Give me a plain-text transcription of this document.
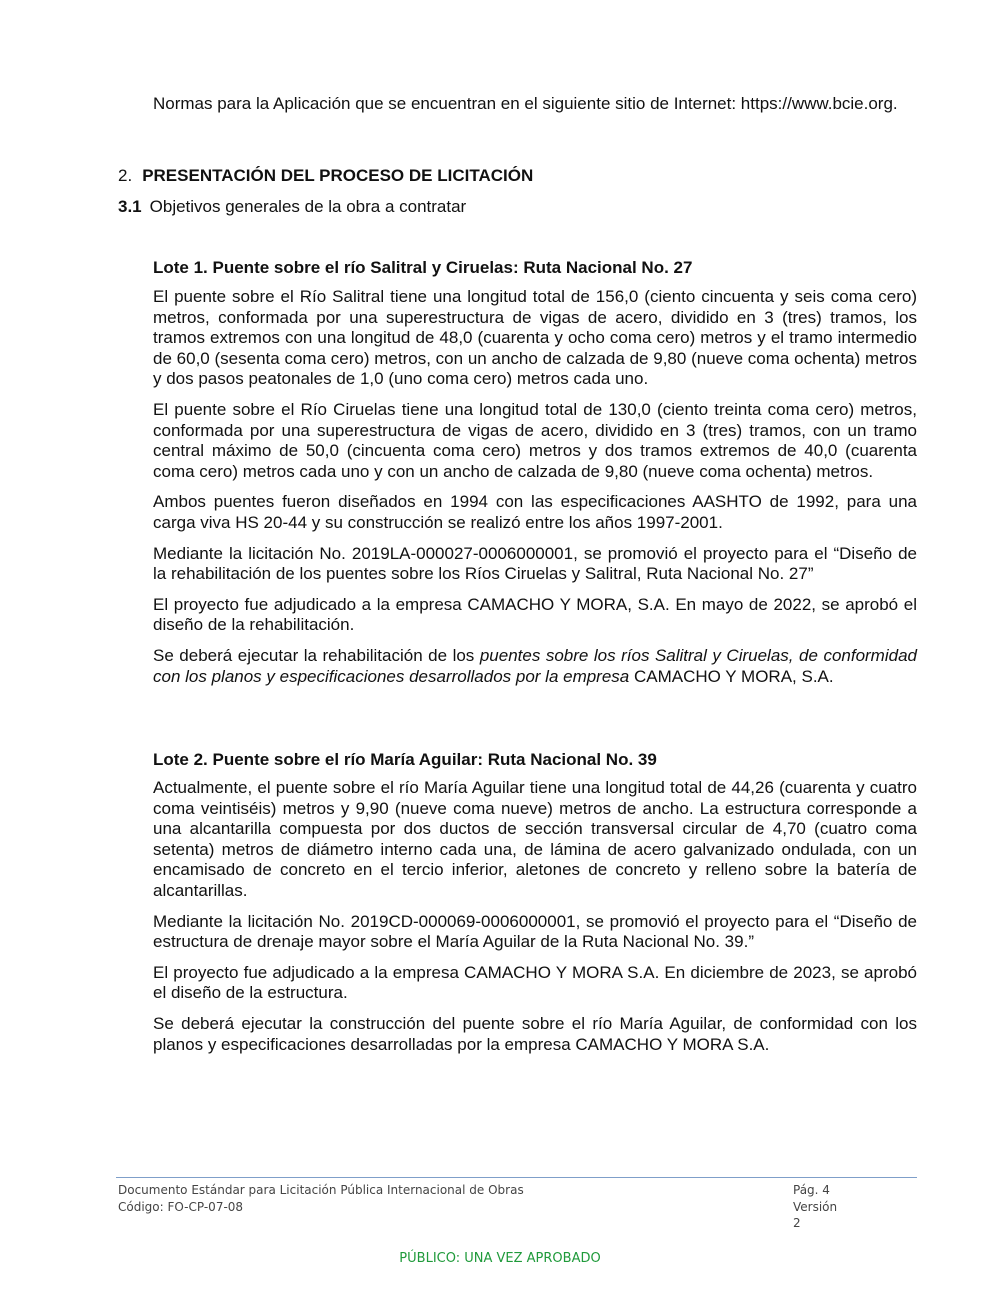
Normas para la Aplicación que se encuentran en el siguiente sitio de Internet: https://www.bcie.org.

2. PRESENTACIÓN DEL PROCESO DE LICITACIÓN
3.1 Objetivos generales de la obra a contratar

Lote 1. Puente sobre el río Salitral y Ciruelas: Ruta Nacional No. 27

El puente sobre el Río Salitral tiene una longitud total de 156,0 (ciento cincuenta y seis coma cero) metros, conformada por una superestructura de vigas de acero, dividido en 3 (tres) tramos, los tramos extremos con una longitud de 48,0 (cuarenta y ocho coma cero) metros y el tramo intermedio de 60,0 (sesenta coma cero) metros, con un ancho de calzada de 9,80 (nueve coma ochenta) metros y dos pasos peatonales de 1,0 (uno coma cero) metros cada uno.

El puente sobre el Río Ciruelas tiene una longitud total de 130,0 (ciento treinta coma cero) metros, conformada por una superestructura de vigas de acero, dividido en 3 (tres) tramos, con un tramo central máximo de 50,0 (cincuenta coma cero) metros y dos tramos extremos de 40,0 (cuarenta coma cero) metros cada uno y con un ancho de calzada de 9,80 (nueve coma ochenta) metros.

Ambos puentes fueron diseñados en 1994 con las especificaciones AASHTO de 1992, para una carga viva HS 20-44 y su construcción se realizó entre los años 1997-2001.

Mediante la licitación No. 2019LA-000027-0006000001, se promovió el proyecto para el “Diseño de la rehabilitación de los puentes sobre los Ríos Ciruelas y Salitral, Ruta Nacional No. 27”

El proyecto fue adjudicado a la empresa CAMACHO Y MORA, S.A. En mayo de 2022, se aprobó el diseño de la rehabilitación.

Se deberá ejecutar la rehabilitación de los puentes sobre los ríos Salitral y Ciruelas, de conformidad con los planos y especificaciones desarrollados por la empresa CAMACHO Y MORA, S.A.

Lote 2. Puente sobre el río María Aguilar: Ruta Nacional No. 39

Actualmente, el puente sobre el río María Aguilar tiene una longitud total de 44,26 (cuarenta y cuatro coma veintiséis) metros y 9,90 (nueve coma nueve) metros de ancho. La estructura corresponde a una alcantarilla compuesta por dos ductos de sección transversal circular de 4,70 (cuatro coma setenta) metros de diámetro interno cada una, de lámina de acero galvanizado ondulada, con un encamisado de concreto en el tercio inferior, aletones de concreto y relleno sobre la batería de alcantarillas.

Mediante la licitación No. 2019CD-000069-0006000001, se promovió el proyecto para el “Diseño de estructura de drenaje mayor sobre el María Aguilar de la Ruta Nacional No. 39.”

El proyecto fue adjudicado a la empresa CAMACHO Y MORA S.A. En diciembre de 2023, se aprobó el diseño de la estructura.

Se deberá ejecutar la construcción del puente sobre el río María Aguilar, de conformidad con los planos y especificaciones desarrolladas por la empresa CAMACHO Y MORA S.A.

Documento Estándar para Licitación Pública Internacional de Obras	Pág. 4
Código: FO-CP-07-08	Versión 2
PÚBLICO: UNA VEZ APROBADO
